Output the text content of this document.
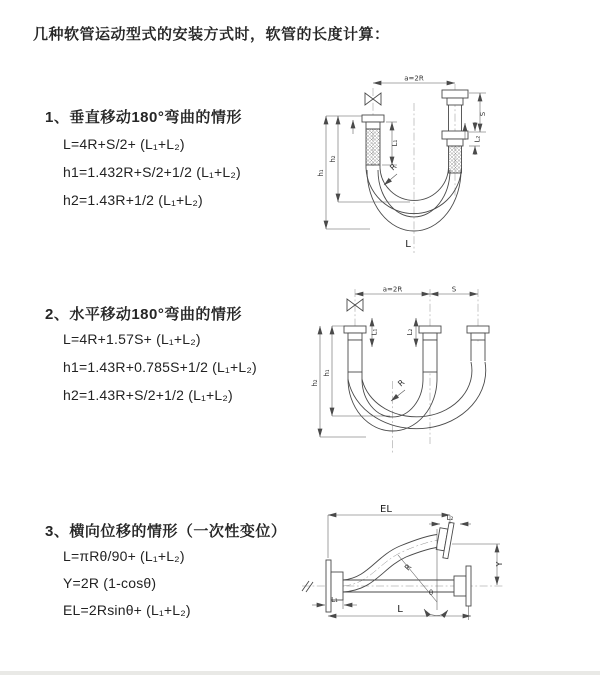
几种软管运动型式的安装方式时，软管的长度计算：
1、垂直移动180°弯曲的情形
L=4R+S/2+ (L₁+L₂)
h1=1.432R+S/2+1/2 (L₁+L₂)
h2=1.43R+1/2 (L₁+L₂)
a=2R
S
L₂
L₁
h₁
h₂
R
L
2、水平移动180°弯曲的情形
L=4R+1.57S+ (L₁+L₂)
h1=1.43R+0.785S+1/2 (L₁+L₂)
h2=1.43R+S/2+1/2 (L₁+L₂)
a=2R	S
h₁
h₂
L₁	L₂
R
3、横向位移的情形（一次性变位）
L=πRθ/90+ (L₁+L₂)
Y=2R (1-cosθ)
EL=2Rsinθ+ (L₁+L₂)
EL
L₂
Y
R
θ
L
L₁
